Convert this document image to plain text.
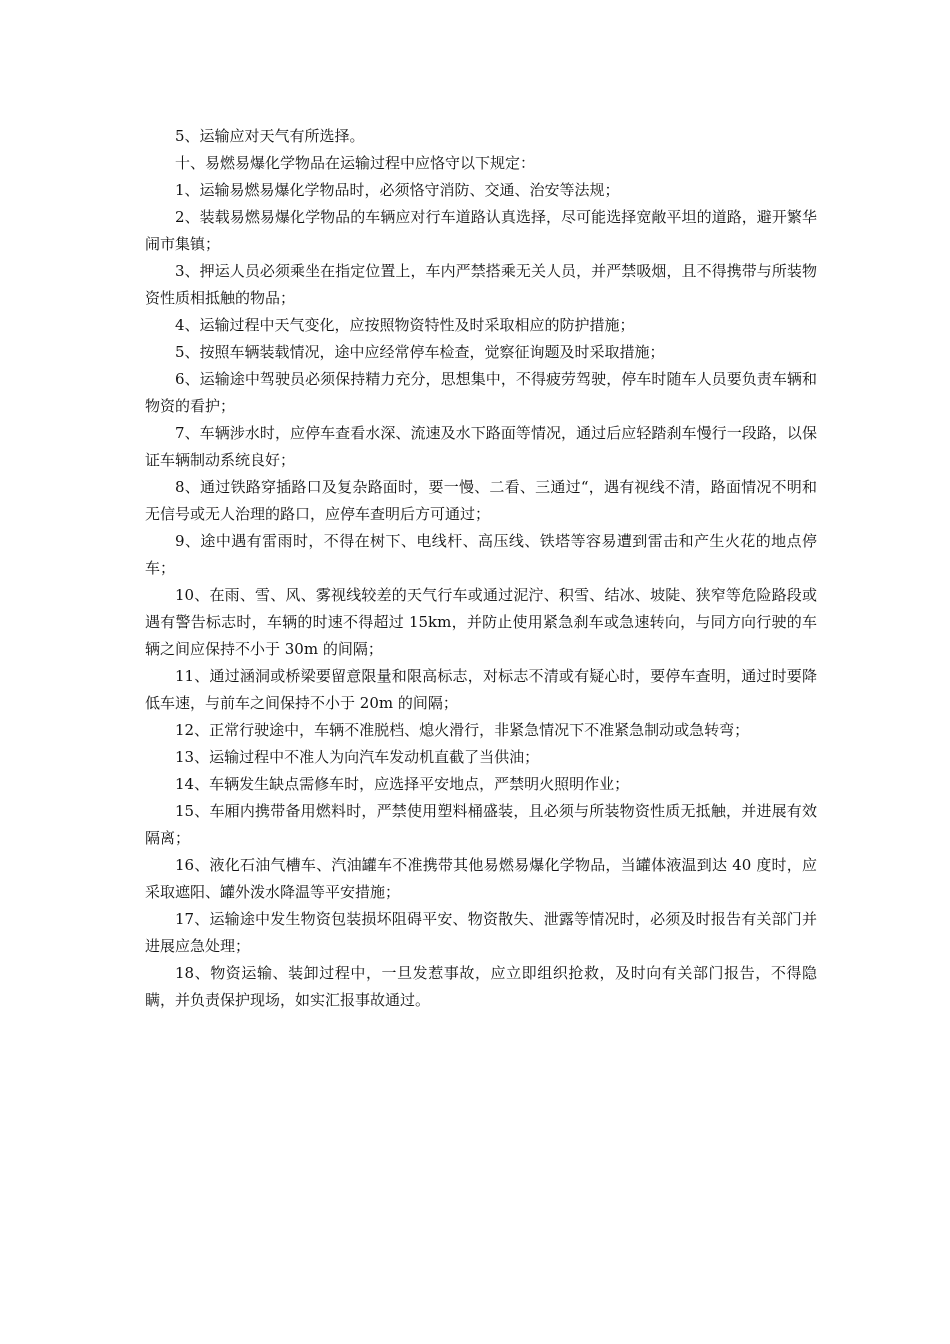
5、运输应对天气有所选择。

十、易燃易爆化学物品在运输过程中应恪守以下规定：

1、运输易燃易爆化学物品时，必须恪守消防、交通、治安等法规；

2、装载易燃易爆化学物品的车辆应对行车道路认真选择，尽可能选择宽敞平坦的道路，避开繁华闹市集镇；

3、押运人员必须乘坐在指定位置上，车内严禁搭乘无关人员，并严禁吸烟，且不得携带与所装物资性质相抵触的物品；

4、运输过程中天气变化，应按照物资特性及时采取相应的防护措施；

5、按照车辆装载情况，途中应经常停车检查，觉察征询题及时采取措施；

6、运输途中驾驶员必须保持精力充分，思想集中，不得疲劳驾驶，停车时随车人员要负责车辆和物资的看护；

7、车辆涉水时，应停车查看水深、流速及水下路面等情况，通过后应轻踏刹车慢行一段路，以保证车辆制动系统良好；

8、通过铁路穿插路口及复杂路面时，要一慢、二看、三通过“，遇有视线不清，路面情况不明和无信号或无人治理的路口，应停车查明后方可通过；

9、途中遇有雷雨时，不得在树下、电线杆、高压线、铁塔等容易遭到雷击和产生火花的地点停车；

10、在雨、雪、风、雾视线较差的天气行车或通过泥泞、积雪、结冰、坡陡、狭窄等危险路段或遇有警告标志时，车辆的时速不得超过 15km，并防止使用紧急刹车或急速转向，与同方向行驶的车辆之间应保持不小于 30m 的间隔；

11、通过涵洞或桥梁要留意限量和限高标志，对标志不清或有疑心时，要停车查明，通过时要降低车速，与前车之间保持不小于 20m 的间隔；

12、正常行驶途中，车辆不准脱档、熄火滑行，非紧急情况下不准紧急制动或急转弯；

13、运输过程中不准人为向汽车发动机直截了当供油；

14、车辆发生缺点需修车时，应选择平安地点，严禁明火照明作业；

15、车厢内携带备用燃料时，严禁使用塑料桶盛装，且必须与所装物资性质无抵触，并进展有效隔离；

16、液化石油气槽车、汽油罐车不准携带其他易燃易爆化学物品，当罐体液温到达 40 度时，应采取遮阳、罐外泼水降温等平安措施；

17、运输途中发生物资包装损坏阻碍平安、物资散失、泄露等情况时，必须及时报告有关部门并进展应急处理；

18、物资运输、装卸过程中，一旦发惹事故，应立即组织抢救，及时向有关部门报告，不得隐瞒，并负责保护现场，如实汇报事故通过。
